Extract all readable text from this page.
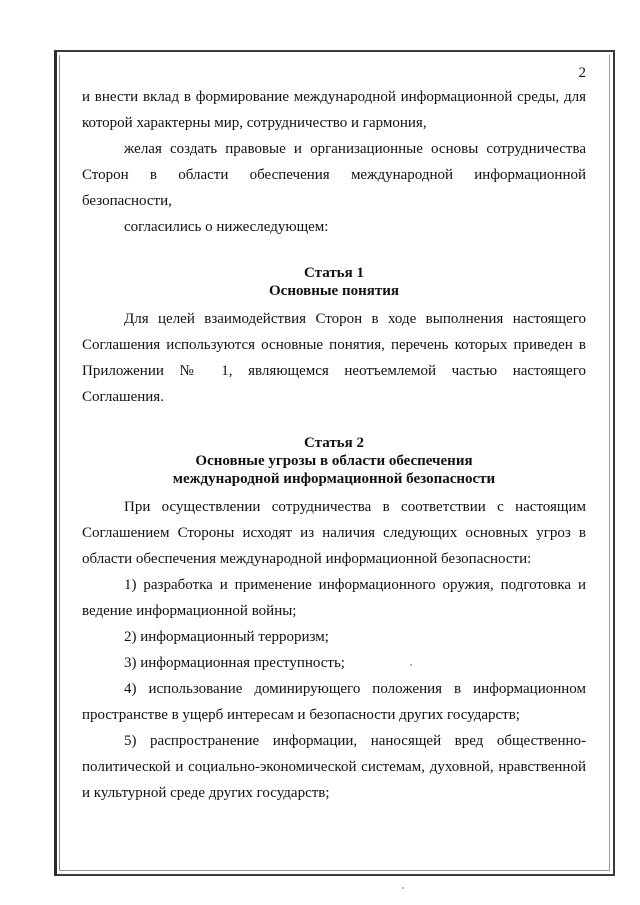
2

и внести вклад в формирование международной информационной среды, для которой характерны мир, сотрудничество и гармония,

желая создать правовые и организационные основы сотрудничества Сторон в области обеспечения международной информационной безопасности,

согласились о нижеследующем:

Статья 1
Основные понятия

Для целей взаимодействия Сторон в ходе выполнения настоящего Соглашения используются основные понятия, перечень которых приведен в Приложении № 1, являющемся неотъемлемой частью настоящего Соглашения.

Статья 2
Основные угрозы в области обеспечения
международной информационной безопасности

При осуществлении сотрудничества в соответствии с настоящим Соглашением Стороны исходят из наличия следующих основных угроз в области обеспечения международной информационной безопасности:

1) разработка и применение информационного оружия, подготовка и ведение информационной войны;

2) информационный терроризм;

3) информационная преступность;

4) использование доминирующего положения в информационном пространстве в ущерб интересам и безопасности других государств;

5) распространение информации, наносящей вред общественно-политической и социально-экономической системам, духовной, нравственной и культурной среде других государств;
